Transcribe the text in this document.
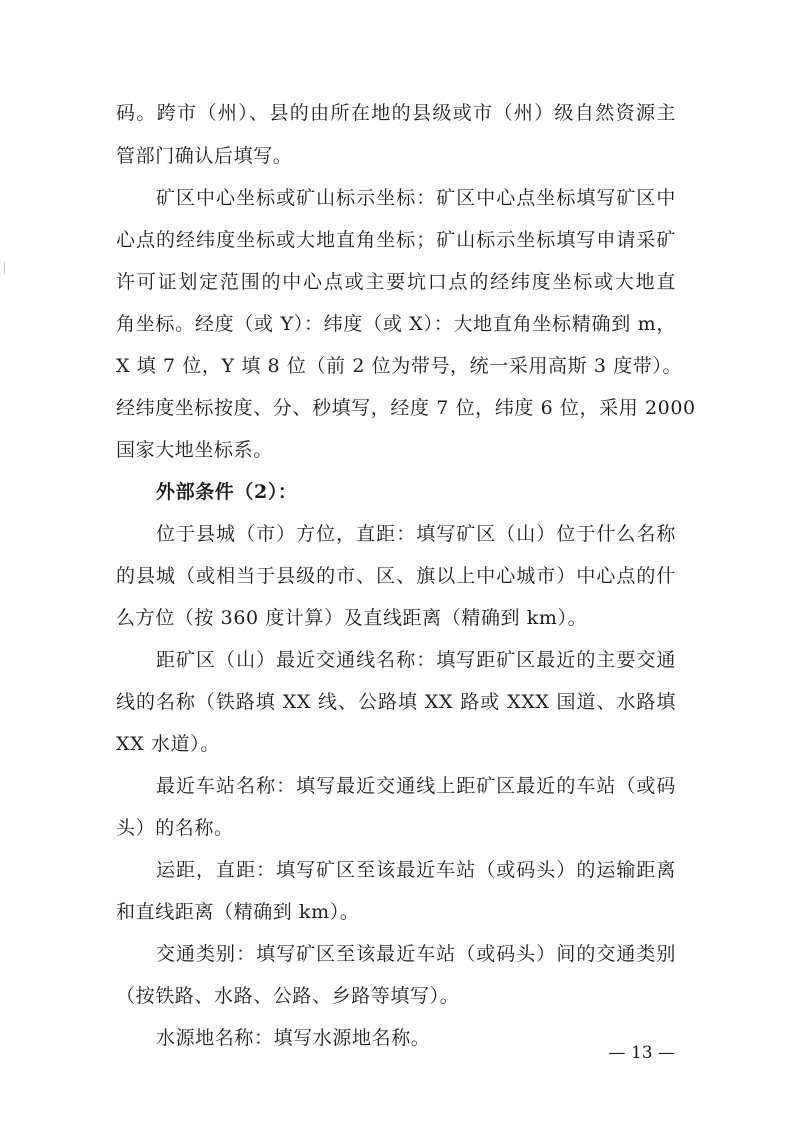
码。跨市（州）、县的由所在地的县级或市（州）级自然资源主
管部门确认后填写。
矿区中心坐标或矿山标示坐标：矿区中心点坐标填写矿区中
心点的经纬度坐标或大地直角坐标；矿山标示坐标填写申请采矿
许可证划定范围的中心点或主要坑口点的经纬度坐标或大地直
角坐标。经度（或 Y）：纬度（或 X）：大地直角坐标精确到 m，
X 填 7 位，Y 填 8 位（前 2 位为带号，统一采用高斯 3 度带）。
经纬度坐标按度、分、秒填写，经度 7 位，纬度 6 位，采用 2000
国家大地坐标系。
外部条件（2）：
位于县城（市）方位，直距：填写矿区（山）位于什么名称
的县城（或相当于县级的市、区、旗以上中心城市）中心点的什
么方位（按 360 度计算）及直线距离（精确到 km）。
距矿区（山）最近交通线名称：填写距矿区最近的主要交通
线的名称（铁路填 XX 线、公路填 XX 路或 XXX 国道、水路填
XX 水道）。
最近车站名称：填写最近交通线上距矿区最近的车站（或码
头）的名称。
运距，直距：填写矿区至该最近车站（或码头）的运输距离
和直线距离（精确到 km）。
交通类别：填写矿区至该最近车站（或码头）间的交通类别
（按铁路、水路、公路、乡路等填写）。
水源地名称：填写水源地名称。
— 13 —
